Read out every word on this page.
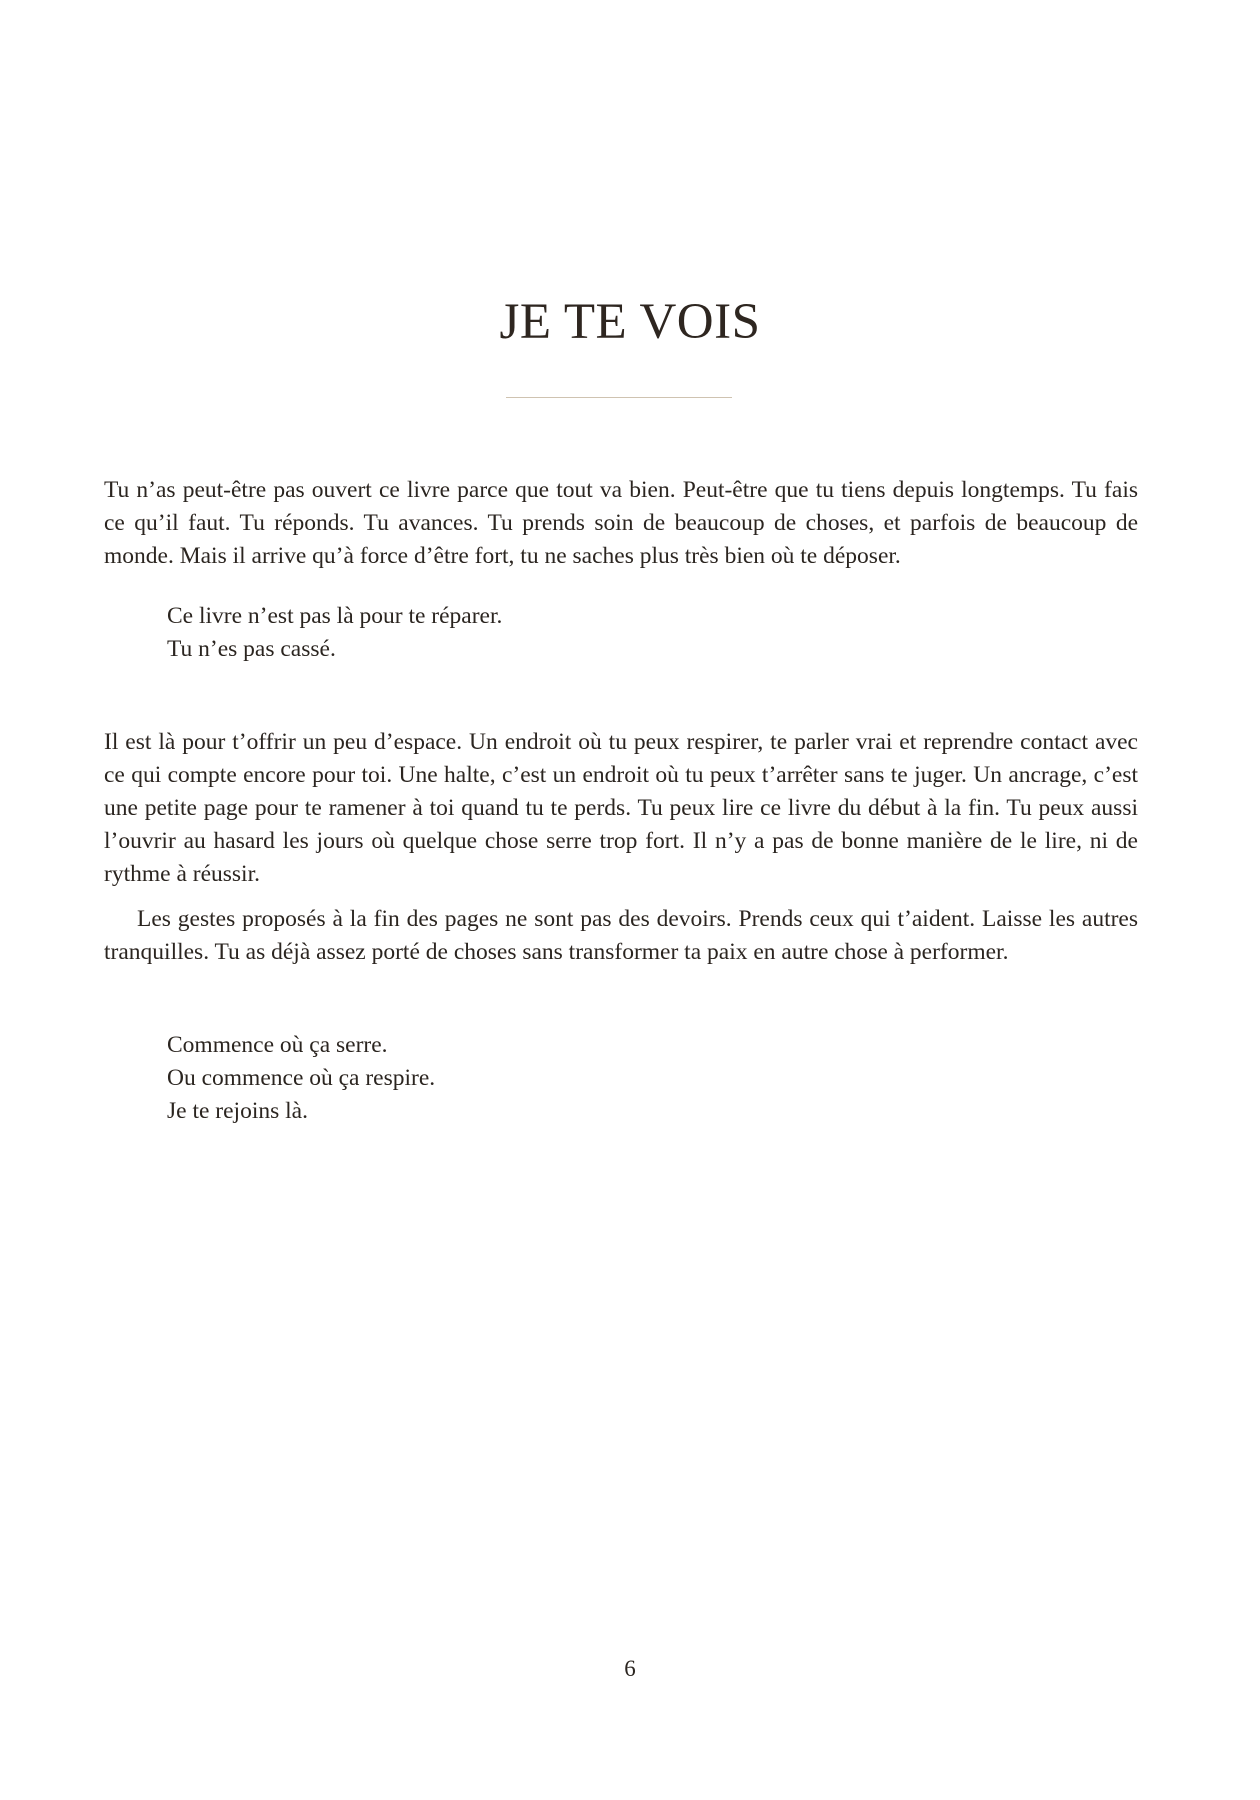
JE TE VOIS

Tu n’as peut-être pas ouvert ce livre parce que tout va bien. Peut-être que tu tiens depuis longtemps. Tu fais ce qu’il faut. Tu réponds. Tu avances. Tu prends soin de beaucoup de choses, et parfois de beaucoup de monde. Mais il arrive qu’à force d’être fort, tu ne saches plus très bien où te déposer.

Ce livre n’est pas là pour te réparer.
Tu n’es pas cassé.

Il est là pour t’offrir un peu d’espace. Un endroit où tu peux respirer, te parler vrai et reprendre contact avec ce qui compte encore pour toi. Une halte, c’est un endroit où tu peux t’arrêter sans te juger. Un ancrage, c’est une petite page pour te ramener à toi quand tu te perds. Tu peux lire ce livre du début à la fin. Tu peux aussi l’ouvrir au hasard les jours où quelque chose serre trop fort. Il n’y a pas de bonne manière de le lire, ni de rythme à réussir.

Les gestes proposés à la fin des pages ne sont pas des devoirs. Prends ceux qui t’aident. Laisse les autres tranquilles. Tu as déjà assez porté de choses sans transformer ta paix en autre chose à performer.

Commence où ça serre.
Ou commence où ça respire.
Je te rejoins là.
6
